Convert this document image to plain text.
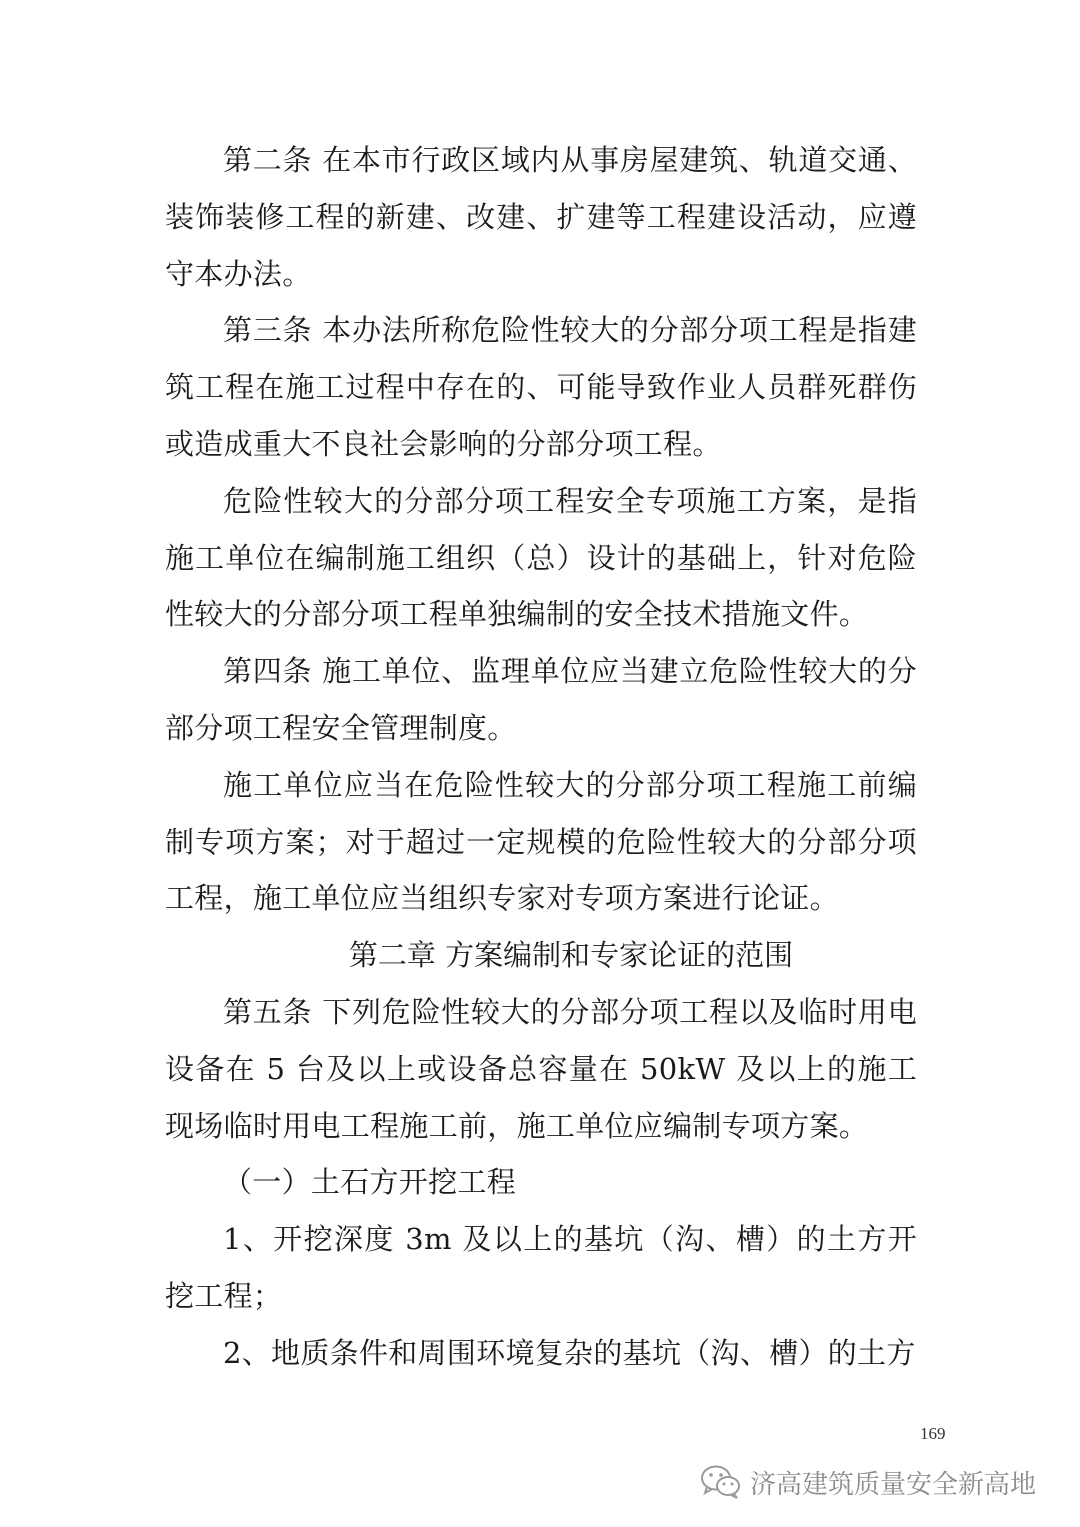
第二条 在本市行政区域内从事房屋建筑、轨道交通、装饰装修工程的新建、改建、扩建等工程建设活动，应遵守本办法。

第三条 本办法所称危险性较大的分部分项工程是指建筑工程在施工过程中存在的、可能导致作业人员群死群伤或造成重大不良社会影响的分部分项工程。

危险性较大的分部分项工程安全专项施工方案，是指施工单位在编制施工组织（总）设计的基础上，针对危险性较大的分部分项工程单独编制的安全技术措施文件。

第四条 施工单位、监理单位应当建立危险性较大的分部分项工程安全管理制度。

施工单位应当在危险性较大的分部分项工程施工前编制专项方案；对于超过一定规模的危险性较大的分部分项工程，施工单位应当组织专家对专项方案进行论证。

第二章 方案编制和专家论证的范围

第五条 下列危险性较大的分部分项工程以及临时用电设备在 5 台及以上或设备总容量在 50kW 及以上的施工现场临时用电工程施工前，施工单位应编制专项方案。

（一）土石方开挖工程

1、开挖深度 3m 及以上的基坑（沟、槽）的土方开挖工程；

2、地质条件和周围环境复杂的基坑（沟、槽）的土方

169
济高建筑质量安全新高地
